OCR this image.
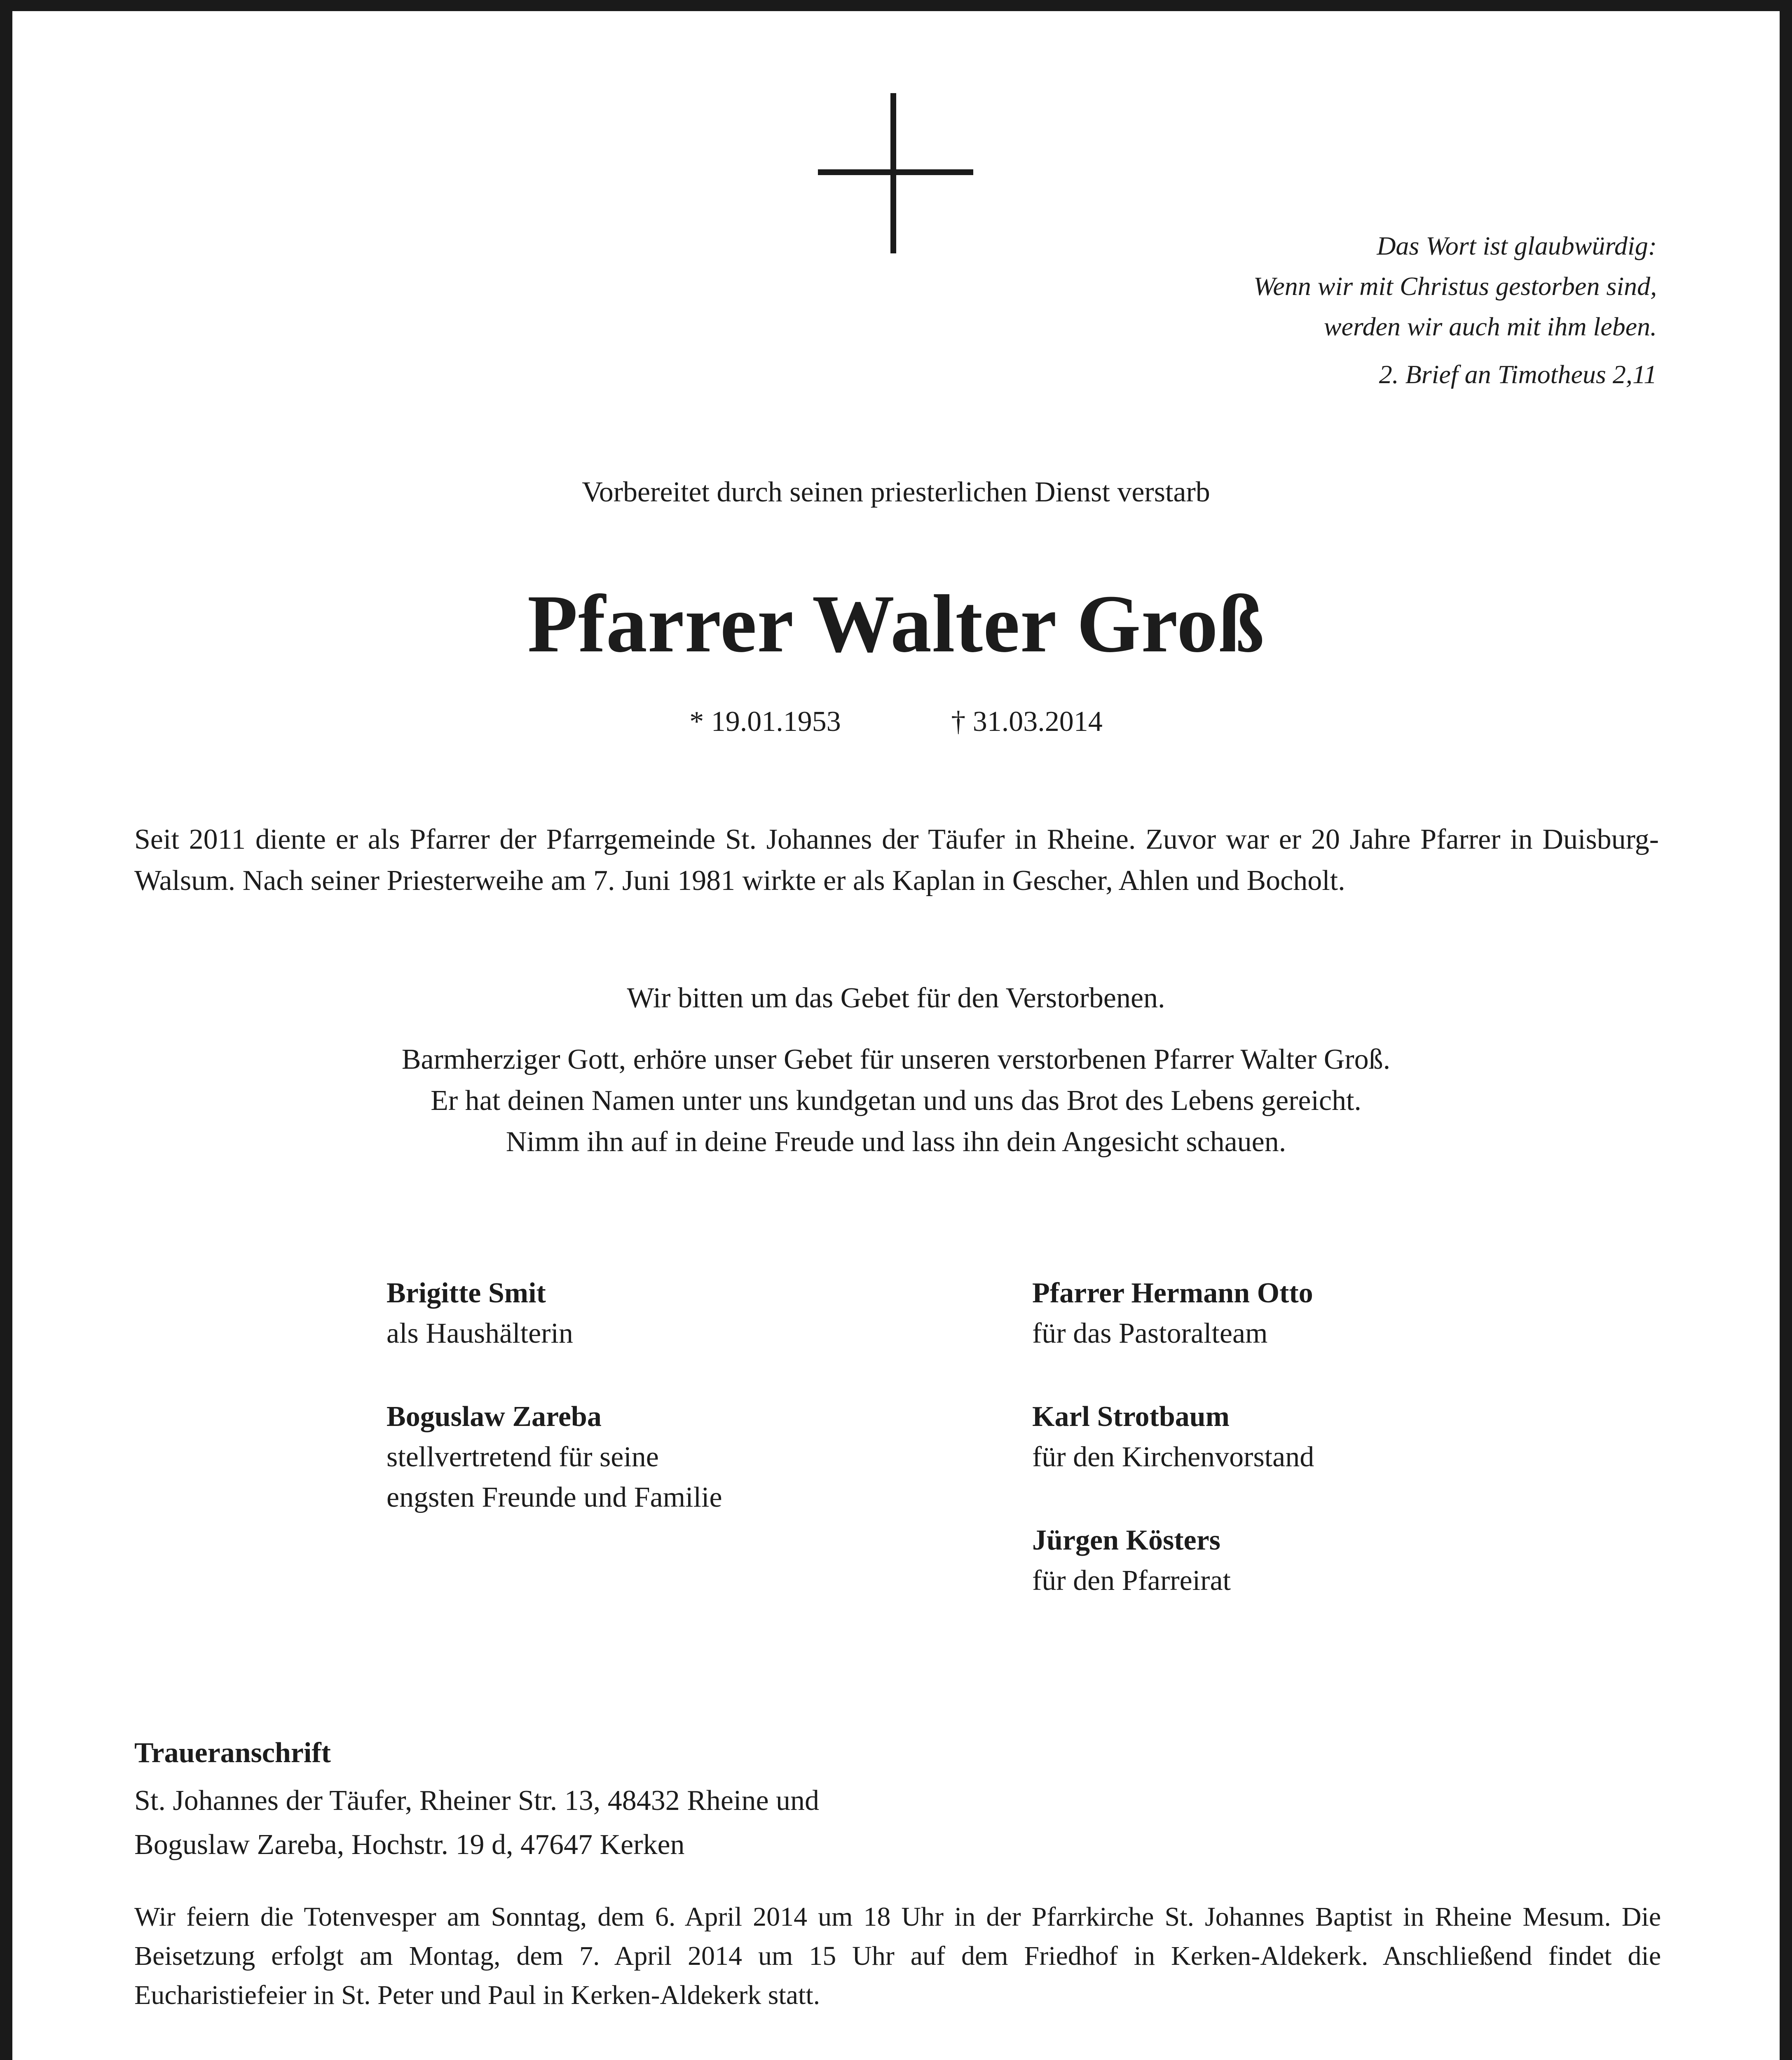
Das Wort ist glaubwürdig:

Wenn wir mit Christus gestorben sind,

werden wir auch mit ihm leben.

2. Brief an Timotheus 2,11

Vorbereitet durch seinen priesterlichen Dienst verstarb
Pfarrer Walter Groß
* 19.01.1953	† 31.03.2014
Seit 2011 diente er als Pfarrer der Pfarrgemeinde St. Johannes der Täufer in Rheine. Zuvor war er 20 Jahre Pfarrer in Duisburg-Walsum. Nach seiner Priesterweihe am 7. Juni 1981 wirkte er als Kaplan in Gescher, Ahlen und Bocholt.
Wir bitten um das Gebet für den Verstorbenen.
Barmherziger Gott, erhöre unser Gebet für unseren verstorbenen Pfarrer Walter Groß.
Er hat deinen Namen unter uns kundgetan und uns das Brot des Lebens gereicht.
Nimm ihn auf in deine Freude und lass ihn dein Angesicht schauen.
Brigitte Smit
als Haushälterin
Boguslaw Zareba
stellvertretend für seine
engsten Freunde und Familie
Pfarrer Hermann Otto
für das Pastoralteam
Karl Strotbaum
für den Kirchenvorstand
Jürgen Kösters
für den Pfarreirat
Traueranschrift
St. Johannes der Täufer, Rheiner Str. 13, 48432 Rheine und
Boguslaw Zareba, Hochstr. 19 d, 47647 Kerken
Wir feiern die Totenvesper am Sonntag, dem 6. April 2014 um 18 Uhr in der Pfarrkirche St. Johannes Baptist in Rheine Mesum. Die Beisetzung erfolgt am Montag, dem 7. April 2014 um 15 Uhr auf dem Friedhof in Kerken-Aldekerk. Anschließend findet die Eucharistiefeier in St. Peter und Paul in Kerken-Aldekerk statt.
